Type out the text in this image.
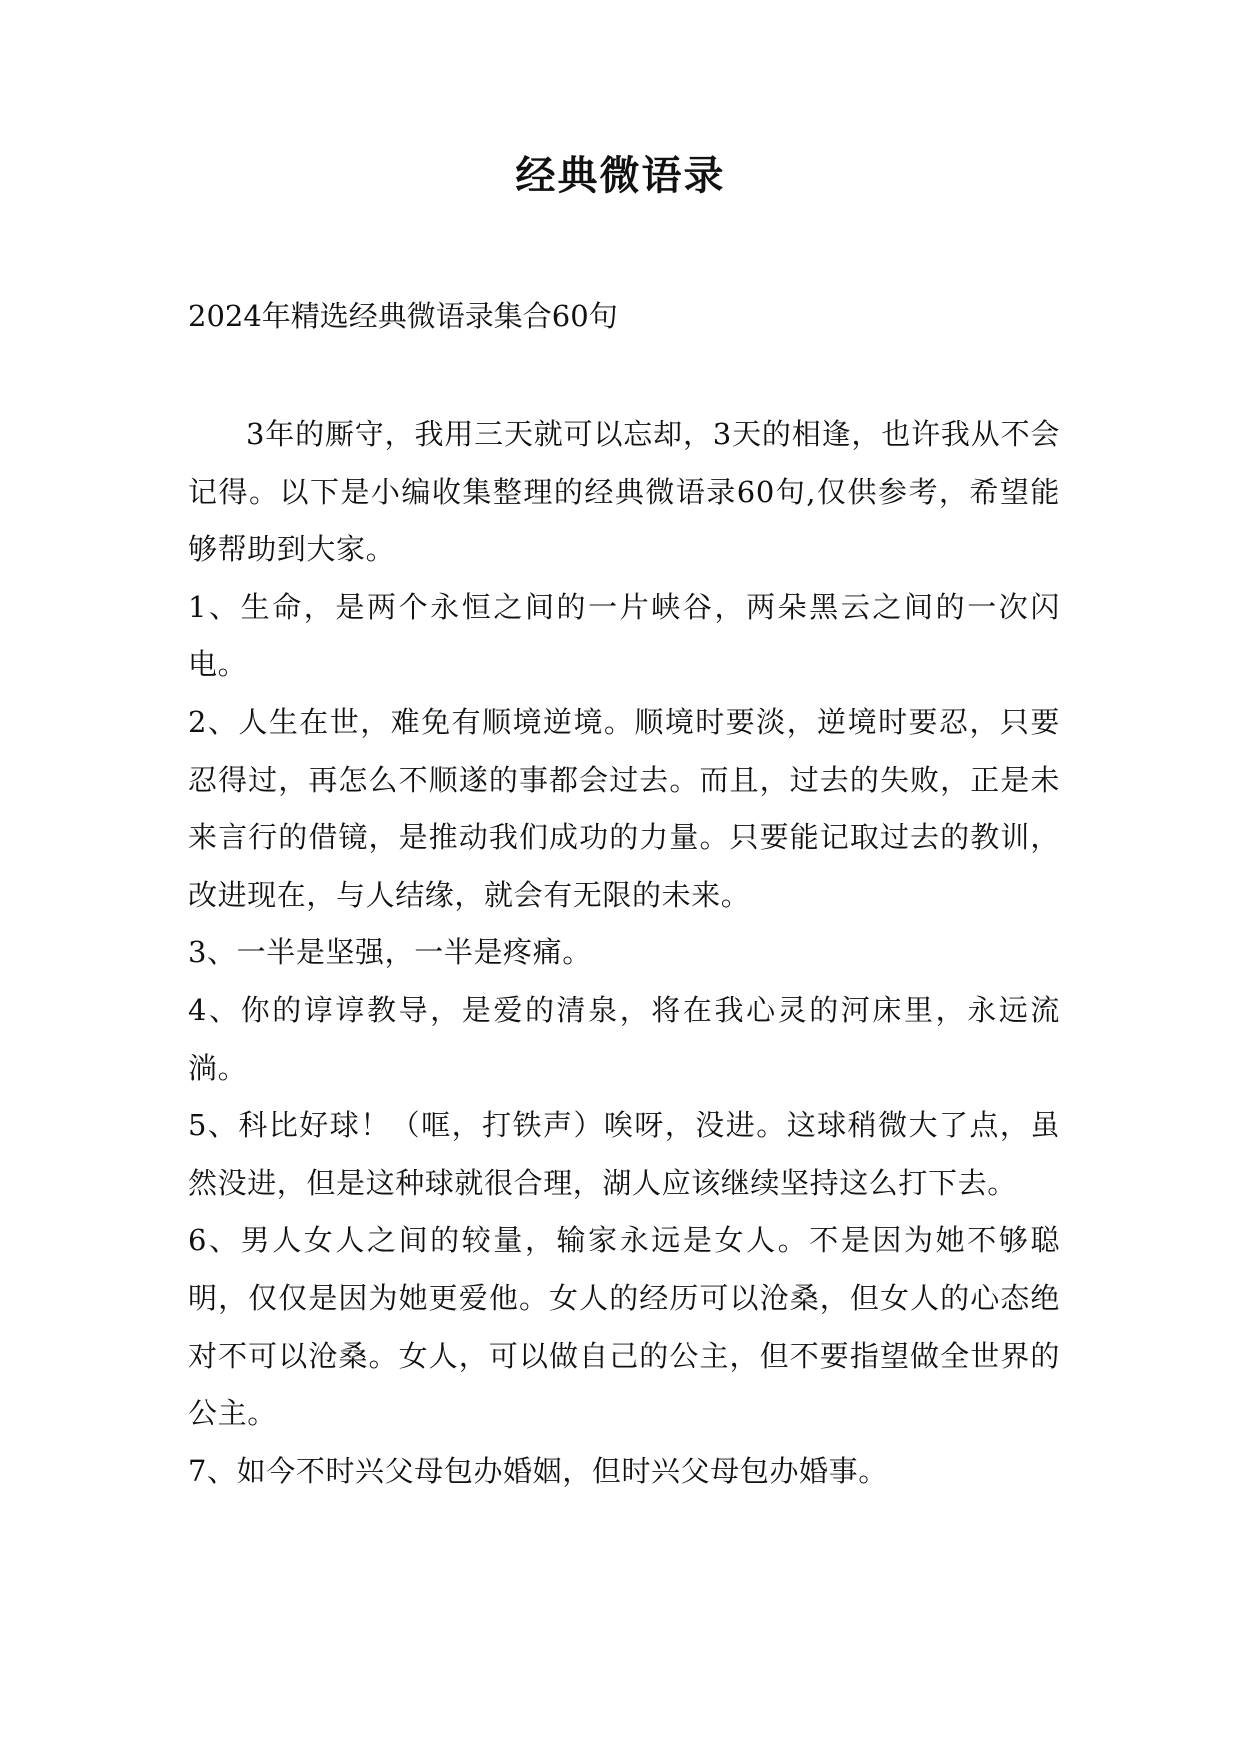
经典微语录

2024年精选经典微语录集合60句

3年的厮守，我用三天就可以忘却，3天的相逢，也许我从不会记得。以下是小编收集整理的经典微语录60句,仅供参考，希望能够帮助到大家。

1、生命，是两个永恒之间的一片峡谷，两朵黑云之间的一次闪电。

2、人生在世，难免有顺境逆境。顺境时要淡，逆境时要忍，只要忍得过，再怎么不顺遂的事都会过去。而且，过去的失败，正是未来言行的借镜，是推动我们成功的力量。只要能记取过去的教训，改进现在，与人结缘，就会有无限的未来。

3、一半是坚强，一半是疼痛。

4、你的谆谆教导，是爱的清泉，将在我心灵的河床里，永远流淌。

5、科比好球！（哐，打铁声）唉呀，没进。这球稍微大了点，虽然没进，但是这种球就很合理，湖人应该继续坚持这么打下去。

6、男人女人之间的较量，输家永远是女人。不是因为她不够聪明，仅仅是因为她更爱他。女人的经历可以沧桑，但女人的心态绝对不可以沧桑。女人，可以做自己的公主，但不要指望做全世界的公主。

7、如今不时兴父母包办婚姻，但时兴父母包办婚事。
